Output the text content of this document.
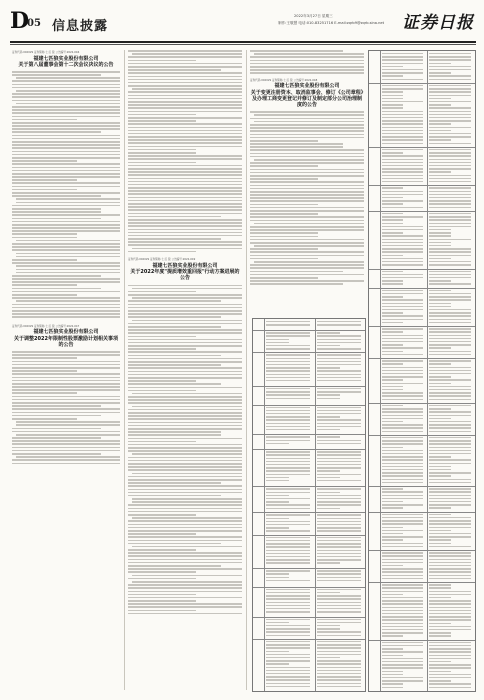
D
05 信息披露
2022年3月27日 星期三
制作:王敬慧 电话:010-83251716 E-mail:zqrb9@zqrb.sina.net 证券日报
证券代码:002029 证券简称:七 匹 狼 公告编号:2022-046
福建七匹狼实业股份有限公司
关于第八届董事会第十二次会议决议的公告
证券代码:002029 证券简称:七 匹 狼 公告编号:2022-047
福建七匹狼实业股份有限公司
关于调整2022年限制性股票激励计划相关事项的公告
证券代码:002029 证券简称:七 匹 狼 公告编号:2022-049
福建七匹狼实业股份有限公司
关于2022年度"提质增效重回报"行动方案进展的公告
证券代码:002029 证券简称:七 匹 狼 公告编号:2022-048
福建七匹狼实业股份有限公司
关于变更注册资本、取消监事会、修订《公司章程》及办理工商变更登记并修订及制定部分公司治理制度的公告
